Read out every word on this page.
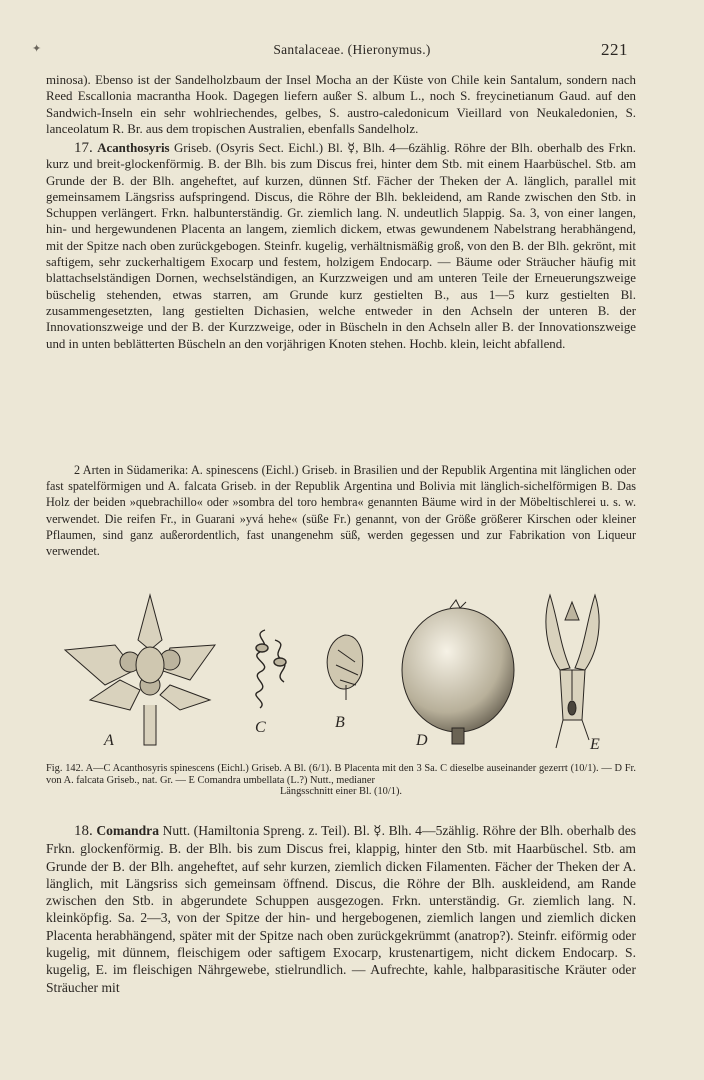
✦	Santalaceae. (Hieronymus.)	221

minosa). Ebenso ist der Sandelholzbaum der Insel Mocha an der Küste von Chile kein Santalum, sondern nach Reed Escallonia macrantha Hook. Dagegen liefern außer S. album L., noch S. freycinetianum Gaud. auf den Sandwich-Inseln ein sehr wohlriechendes, gelbes, S. austro-caledonicum Vieillard von Neukaledonien, S. lanceolatum R. Br. aus dem tropischen Australien, ebenfalls Sandelholz.

17. Acanthosyris Griseb. (Osyris Sect. Eichl.) Bl. ☿, Blh. 4—6zählig. Röhre der Blh. oberhalb des Frkn. kurz und breit-glockenförmig. B. der Blh. bis zum Discus frei, hinter dem Stb. mit einem Haarbüschel. Stb. am Grunde der B. der Blh. angeheftet, auf kurzen, dünnen Stf. Fächer der Theken der A. länglich, parallel mit gemeinsamem Längsriss aufspringend. Discus, die Röhre der Blh. bekleidend, am Rande zwischen den Stb. in Schuppen verlängert. Frkn. halbunterständig. Gr. ziemlich lang. N. undeutlich 5lappig. Sa. 3, von einer langen, hin- und hergewundenen Placenta an langem, ziemlich dickem, etwas gewundenem Nabelstrang herabhängend, mit der Spitze nach oben zurückgebogen. Steinfr. kugelig, verhältnismäßig groß, von den B. der Blh. gekrönt, mit saftigem, sehr zuckerhaltigem Exocarp und festem, holzigem Endocarp. — Bäume oder Sträucher häufig mit blattachselständigen Dornen, wechselständigen, an Kurzzweigen und am unteren Teile der Erneuerungszweige büschelig stehenden, etwas starren, am Grunde kurz gestielten B., aus 1—5 kurz gestielten Bl. zusammengesetzten, lang gestielten Dichasien, welche entweder in den Achseln der unteren B. der Innovationszweige und der B. der Kurzzweige, oder in Büscheln in den Achseln aller B. der Innovationszweige und in unten beblätterten Büscheln an den vorjährigen Knoten stehen. Hochb. klein, leicht abfallend.

2 Arten in Südamerika: A. spinescens (Eichl.) Griseb. in Brasilien und der Republik Argentina mit länglichen oder fast spatelförmigen und A. falcata Griseb. in der Republik Argentina und Bolivia mit länglich-sichelförmigen B. Das Holz der beiden »quebrachillo« oder »sombra del toro hembra« genannten Bäume wird in der Möbeltischlerei u. s. w. verwendet. Die reifen Fr., in Guarani »yvá hehe« (süße Fr.) genannt, von der Größe größerer Kirschen oder kleiner Pflaumen, sind ganz außerordentlich, fast unangenehm süß, werden gegessen und zur Fabrikation von Liqueur verwendet.

A
C	B
D	E
Fig. 142. A—C Acanthosyris spinescens (Eichl.) Griseb. A Bl. (6/1). B Placenta mit den 3 Sa. C dieselbe auseinander gezerrt (10/1). — D Fr. von A. falcata Griseb., nat. Gr. — E Comandra umbellata (L.?) Nutt., medianer
Längsschnitt einer Bl. (10/1).

18. Comandra Nutt. (Hamiltonia Spreng. z. Teil). Bl. ☿. Blh. 4—5zählig. Röhre der Blh. oberhalb des Frkn. glockenförmig. B. der Blh. bis zum Discus frei, klappig, hinter den Stb. mit Haarbüschel. Stb. am Grunde der B. der Blh. angeheftet, auf sehr kurzen, ziemlich dicken Filamenten. Fächer der Theken der A. länglich, mit Längsriss sich gemeinsam öffnend. Discus, die Röhre der Blh. auskleidend, am Rande zwischen den Stb. in abgerundete Schuppen ausgezogen. Frkn. unterständig. Gr. ziemlich lang. N. kleinköpfig. Sa. 2—3, von der Spitze der hin- und hergebogenen, ziemlich langen und ziemlich dicken Placenta herabhängend, später mit der Spitze nach oben zurückgekrümmt (anatrop?). Steinfr. eiförmig oder kugelig, mit dünnem, fleischigem oder saftigem Exocarp, krustenartigem, nicht dickem Endocarp. S. kugelig, E. im fleischigen Nährgewebe, stielrundlich. — Aufrechte, kahle, halbparasitische Kräuter oder Sträucher mit
